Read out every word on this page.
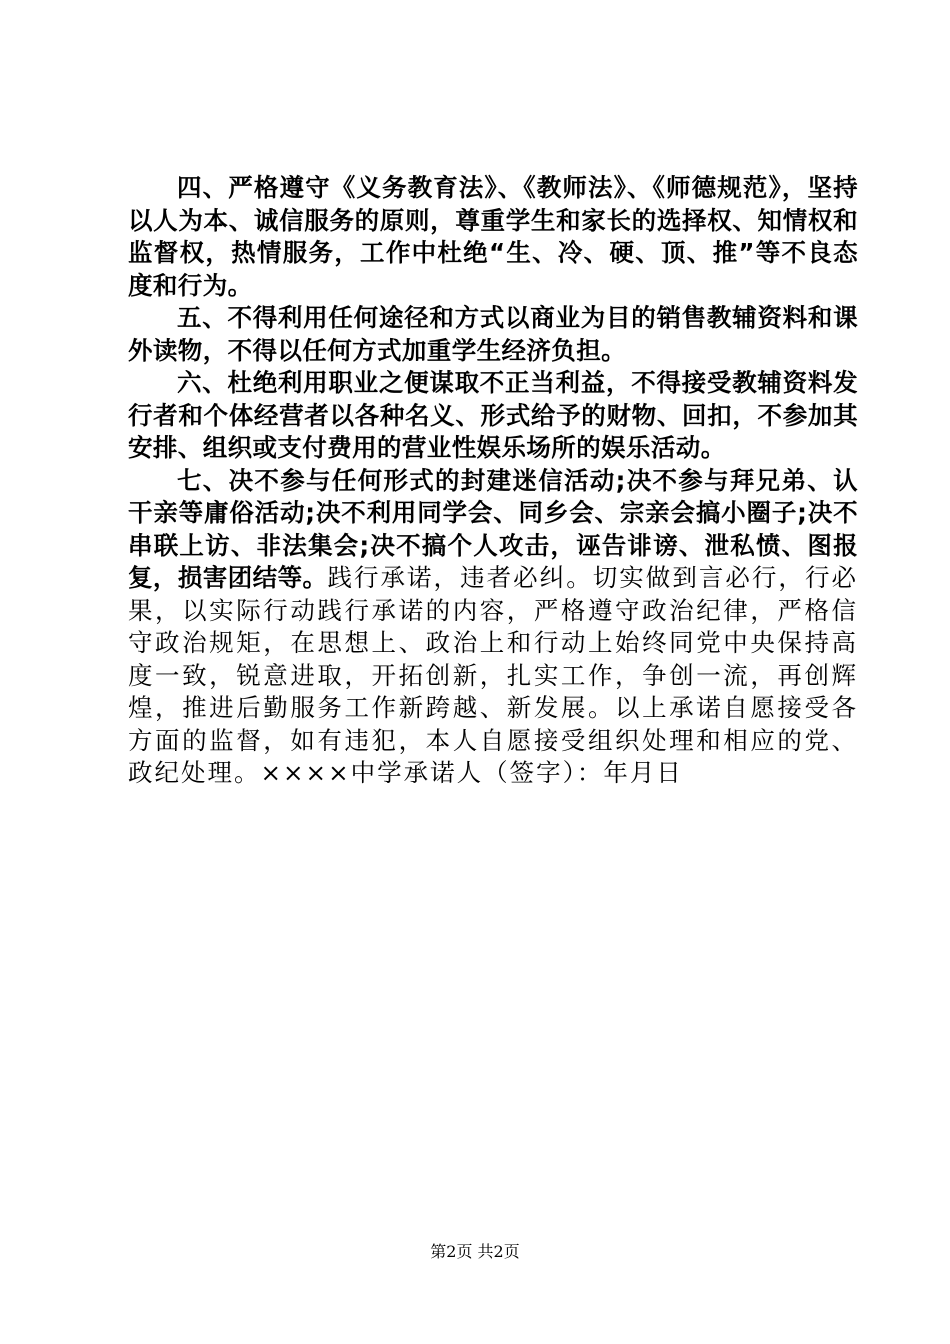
四、严格遵守《义务教育法》、《教师法》、《师德规范》，坚持以人为本、诚信服务的原则，尊重学生和家长的选择权、知情权和监督权，热情服务，工作中杜绝“生、冷、硬、顶、推”等不良态度和行为。

五、不得利用任何途径和方式以商业为目的销售教辅资料和课外读物，不得以任何方式加重学生经济负担。

六、杜绝利用职业之便谋取不正当利益，不得接受教辅资料发行者和个体经营者以各种名义、形式给予的财物、回扣，不参加其安排、组织或支付费用的营业性娱乐场所的娱乐活动。

七、决不参与任何形式的封建迷信活动;决不参与拜兄弟、认干亲等庸俗活动;决不利用同学会、同乡会、宗亲会搞小圈子;决不串联上访、非法集会;决不搞个人攻击，诬告诽谤、泄私愤、图报复，损害团结等。践行承诺，违者必纠。切实做到言必行，行必果，以实际行动践行承诺的内容，严格遵守政治纪律，严格信守政治规矩，在思想上、政治上和行动上始终同党中央保持高度一致，锐意进取，开拓创新，扎实工作，争创一流，再创辉煌，推进后勤服务工作新跨越、新发展。以上承诺自愿接受各方面的监督，如有违犯，本人自愿接受组织处理和相应的党、政纪处理。××××中学承诺人（签字）：年月日

第2页 共2页
